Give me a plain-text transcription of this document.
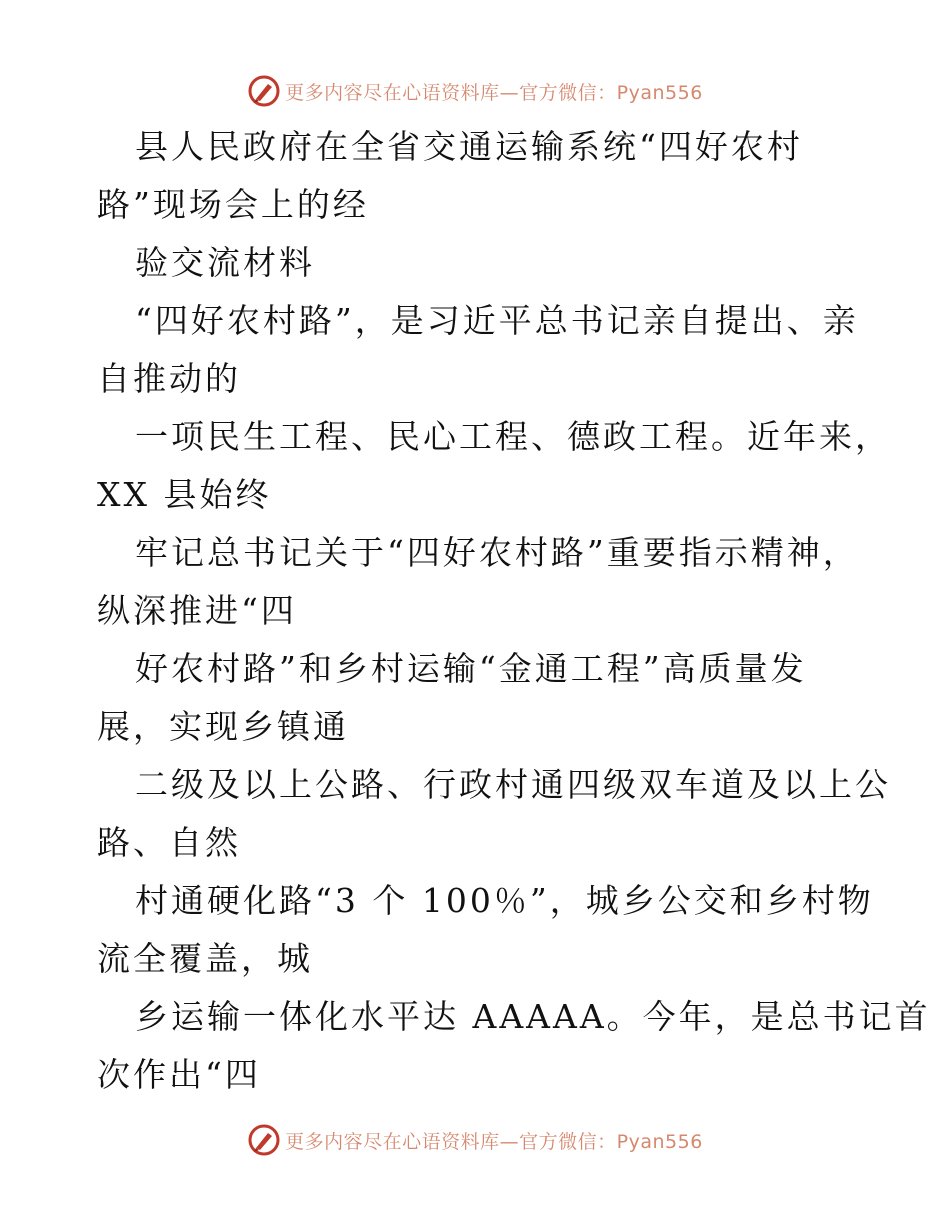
更多内容尽在心语资料库—官方微信：Pyan556
县人民政府在全省交通运输系统“四好农村
路”现场会上的经
验交流材料
“四好农村路”，是习近平总书记亲自提出、亲
自推动的
一项民生工程、民心工程、德政工程。近年来，
XX 县始终
牢记总书记关于“四好农村路”重要指示精神，
纵深推进“四
好农村路”和乡村运输“金通工程”高质量发
展，实现乡镇通
二级及以上公路、行政村通四级双车道及以上公
路、自然
村通硬化路“3 个 100％”，城乡公交和乡村物
流全覆盖，城
乡运输一体化水平达 AAAAA。今年，是总书记首
次作出“四
更多内容尽在心语资料库—官方微信：Pyan556
